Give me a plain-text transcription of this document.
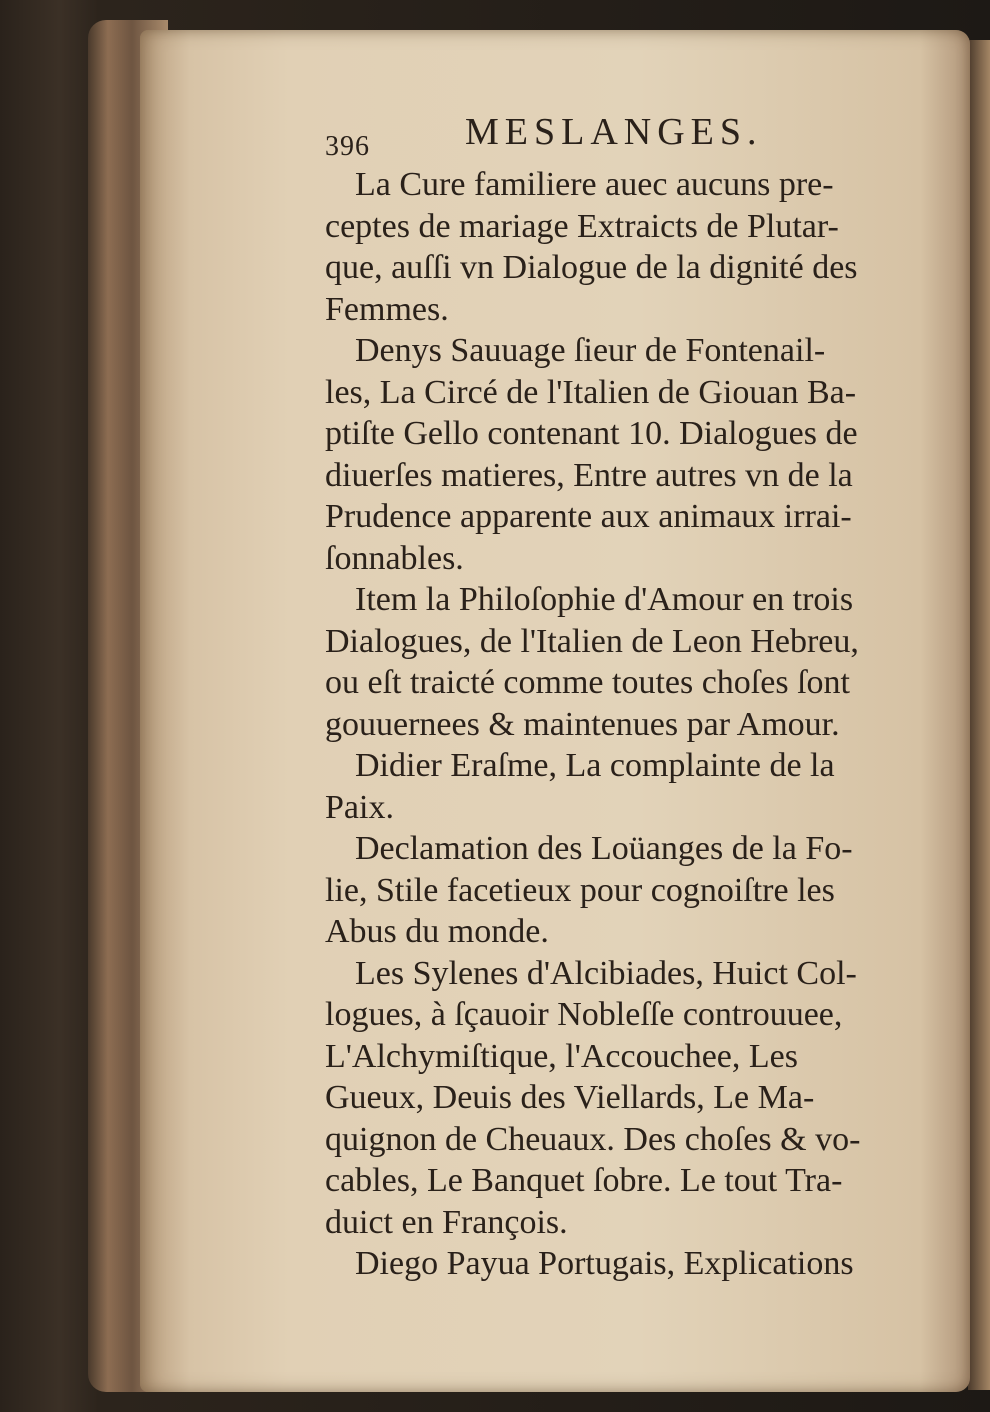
396	MESLANGES.
La Cure familiere auec aucuns pre-
ceptes de mariage Extraicts de Plutar-
que, auſſi vn Dialogue de la dignité des
Femmes.
Denys Sauuage ſieur de Fontenail-
les, La Circé de l'Italien de Giouan Ba-
ptiſte Gello contenant 10. Dialogues de
diuerſes matieres, Entre autres vn de la
Prudence apparente aux animaux irrai-
ſonnables.
Item la Philoſophie d'Amour en trois
Dialogues, de l'Italien de Leon Hebreu,
ou eſt traicté comme toutes choſes ſont
gouuernees & maintenues par Amour.
Didier Eraſme, La complainte de la
Paix.
Declamation des Loüanges de la Fo-
lie, Stile facetieux pour cognoiſtre les
Abus du monde.
Les Sylenes d'Alcibiades, Huict Col-
logues, à ſçauoir Nobleſſe controuuee,
L'Alchymiſtique, l'Accouchee, Les
Gueux, Deuis des Viellards, Le Ma-
quignon de Cheuaux. Des choſes & vo-
cables, Le Banquet ſobre. Le tout Tra-
duict en François.
Diego Payua Portugais, Explications
